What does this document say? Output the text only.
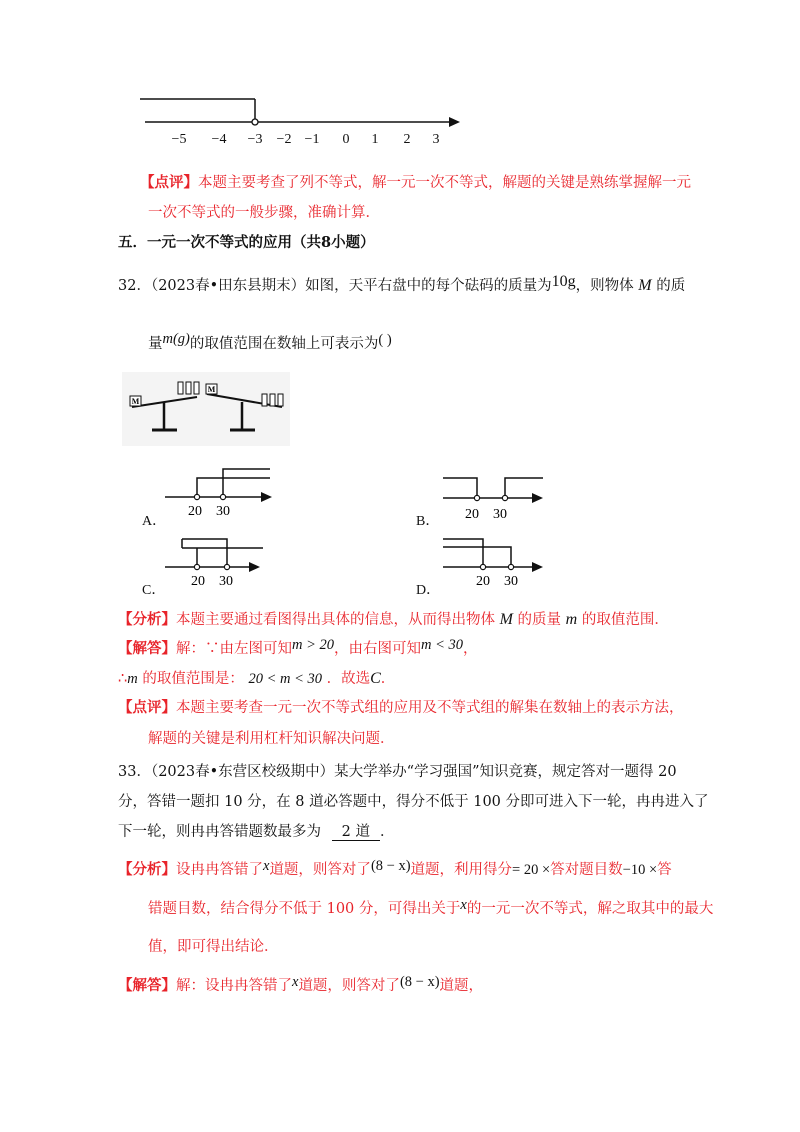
−5 −4 −3 −2 −1 0 1 2 3
【点评】本题主要考查了列不等式，解一元一次不等式，解题的关键是熟练掌握解一元
一次不等式的一般步骤，准确计算．
五．一元一次不等式的应用（共8小题）
32．（2023春•田东县期末）如图，天平右盘中的每个砝码的质量为10g，则物体 M 的质
量m(g)的取值范围在数轴上可表示为( )
M
M
A．
20 30
B． 20 30
C．
20 30
D．
20 30
【分析】本题主要通过看图得出具体的信息，从而得出物体 M 的质量 m 的取值范围．
【解答】解：∵由左图可知m > 20，由右图可知m < 30，
∴m 的取值范围是： 20 < m < 30 ．故选C．
【点评】本题主要考查一元一次不等式组的应用及不等式组的解集在数轴上的表示方法，
解题的关键是利用杠杆知识解决问题．
33．（2023春•东营区校级期中）某大学举办“学习强国”知识竞赛，规定答对一题得 20
分，答错一题扣 10 分，在 8 道必答题中，得分不低于 100 分即可进入下一轮，冉冉进入了
下一轮，则冉冉答错题数最多为 2 道 ．
【分析】设冉冉答错了x道题，则答对了(8 − x)道题，利用得分= 20 ×答对题目数−10 ×答
错题目数，结合得分不低于 100 分，可得出关于x的一元一次不等式，解之取其中的最大
值，即可得出结论．
【解答】解：设冉冉答错了x道题，则答对了(8 − x)道题，
